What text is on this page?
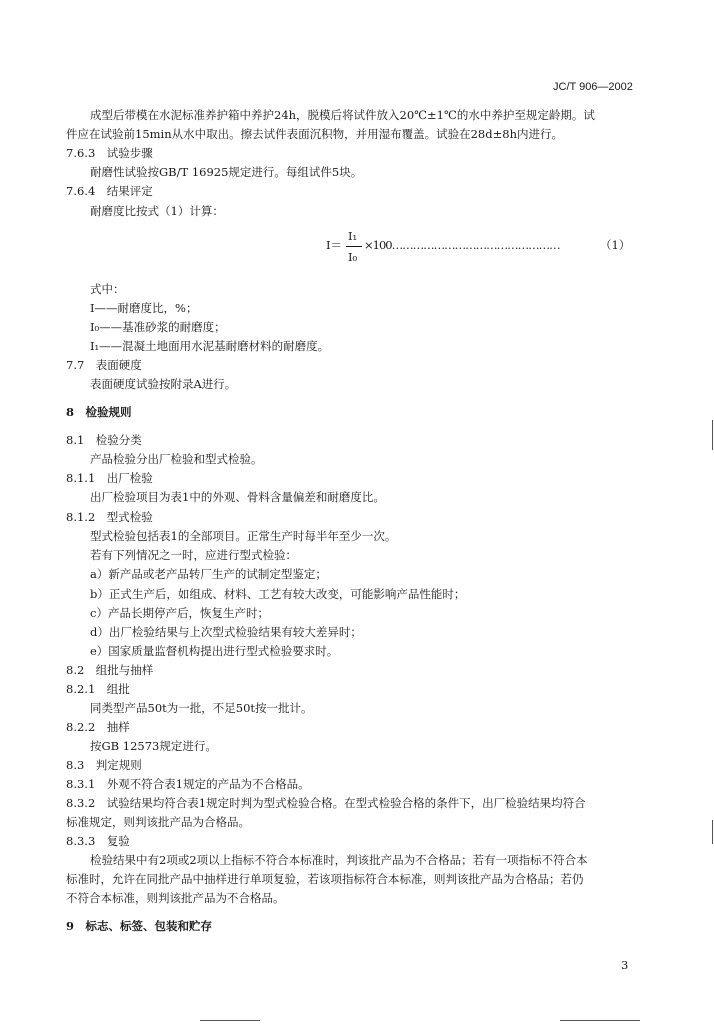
JC/T 906—2002
成型后带模在水泥标准养护箱中养护24h，脱模后将试件放入20℃±1℃的水中养护至规定龄期。试
件应在试验前15min从水中取出。擦去试件表面沉积物，并用湿布覆盖。试验在28d±8h内进行。
7.6.3　试验步骤
耐磨性试验按GB/T 16925规定进行。每组试件5块。
7.6.4　结果评定
耐磨度比按式（1）计算：
I＝
I₁
I₀
×100…………………………………………	（1）
式中：
I——耐磨度比，%；
I₀——基准砂浆的耐磨度；
I₁——混凝土地面用水泥基耐磨材料的耐磨度。
7.7　表面硬度
表面硬度试验按附录A进行。
8　检验规则
8.1　检验分类
产品检验分出厂检验和型式检验。
8.1.1　出厂检验
出厂检验项目为表1中的外观、骨料含量偏差和耐磨度比。
8.1.2　型式检验
型式检验包括表1的全部项目。正常生产时每半年至少一次。
若有下列情况之一时，应进行型式检验：
a）新产品或老产品转厂生产的试制定型鉴定；
b）正式生产后，如组成、材料、工艺有较大改变，可能影响产品性能时；
c）产品长期停产后，恢复生产时；
d）出厂检验结果与上次型式检验结果有较大差异时；
e）国家质量监督机构提出进行型式检验要求时。
8.2　组批与抽样
8.2.1　组批
同类型产品50t为一批，不足50t按一批计。
8.2.2　抽样
按GB 12573规定进行。
8.3　判定规则
8.3.1　外观不符合表1规定的产品为不合格品。
8.3.2　试验结果均符合表1规定时判为型式检验合格。在型式检验合格的条件下，出厂检验结果均符合
标准规定，则判该批产品为合格品。
8.3.3　复验
检验结果中有2项或2项以上指标不符合本标准时，判该批产品为不合格品；若有一项指标不符合本
标准时，允许在同批产品中抽样进行单项复验，若该项指标符合本标准，则判该批产品为合格品；若仍
不符合本标准，则判该批产品为不合格品。
9　标志、标签、包装和贮存
3
